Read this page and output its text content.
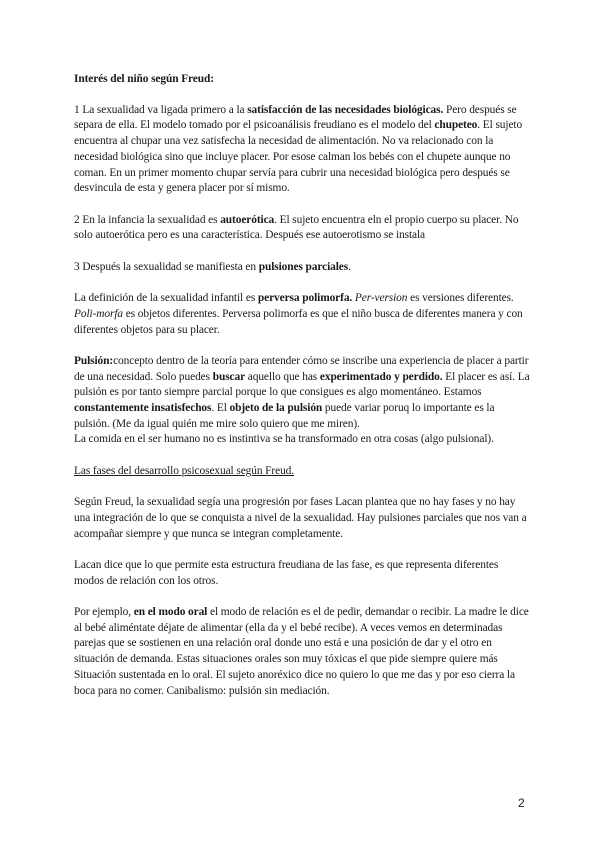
Interés del niño según Freud:

1 La sexualidad va ligada primero a la satisfacción de las necesidades biológicas. Pero después se separa de ella. El modelo tomado por el psicoanálisis freudiano es el modelo del chupeteo. El sujeto encuentra al chupar una vez satisfecha la necesidad de alimentación. No va relacionado con la necesidad biológica sino que incluye placer. Por esose calman los bebés con el chupete aunque no coman. En un primer momento chupar servía para cubrir una necesidad biológica pero después se desvincula de esta y genera placer por sí mismo.

2 En la infancia la sexualidad es autoerótica. El sujeto encuentra eln el propio cuerpo su placer. No solo autoerótica pero es una característica. Después ese autoerotismo se instala

3 Después la sexualidad se manifiesta en pulsiones parciales.

La definición de la sexualidad infantil es perversa polimorfa. Per-version es versiones diferentes. Poli-morfa es objetos diferentes. Perversa polimorfa es que el niño busca de diferentes manera y con diferentes objetos para su placer.

Pulsión:concepto dentro de la teoría para entender cómo se inscribe una experiencia de placer a partir de una necesidad. Solo puedes buscar aquello que has experimentado y perdido. El placer es así. La pulsión es por tanto siempre parcial porque lo que consigues es algo momentáneo. Estamos constantemente insatisfechos. El objeto de la pulsión puede variar poruq lo importante es la pulsión. (Me da igual quién me mire solo quiero que me miren).
La comida en el ser humano no es instintiva se ha transformado en otra cosas (algo pulsional).

Las fases del desarrollo psicosexual según Freud.

Según Freud, la sexualidad segía una progresión por fases Lacan plantea que no hay fases y no hay una integración de lo que se conquista a nivel de la sexualidad. Hay pulsiones parciales que nos van a acompañar siempre y que nunca se integran completamente.

Lacan dice que lo que permite esta estructura freudiana de las fase, es que representa diferentes modos de relación con los otros.

Por ejemplo, en el modo oral el modo de relación es el de pedir, demandar o recibir. La madre le dice al bebé aliméntate déjate de alimentar (ella da y el bebé recibe). A veces vemos en determinadas parejas que se sostienen en una relación oral donde uno está e una posición de dar y el otro en situación de demanda. Estas situaciones orales son muy tóxicas el que pide siempre quiere más Situación sustentada en lo oral. El sujeto anoréxico dice no quiero lo que me das y por eso cierra la boca para no comer. Canibalismo: pulsión sin mediación.

2
